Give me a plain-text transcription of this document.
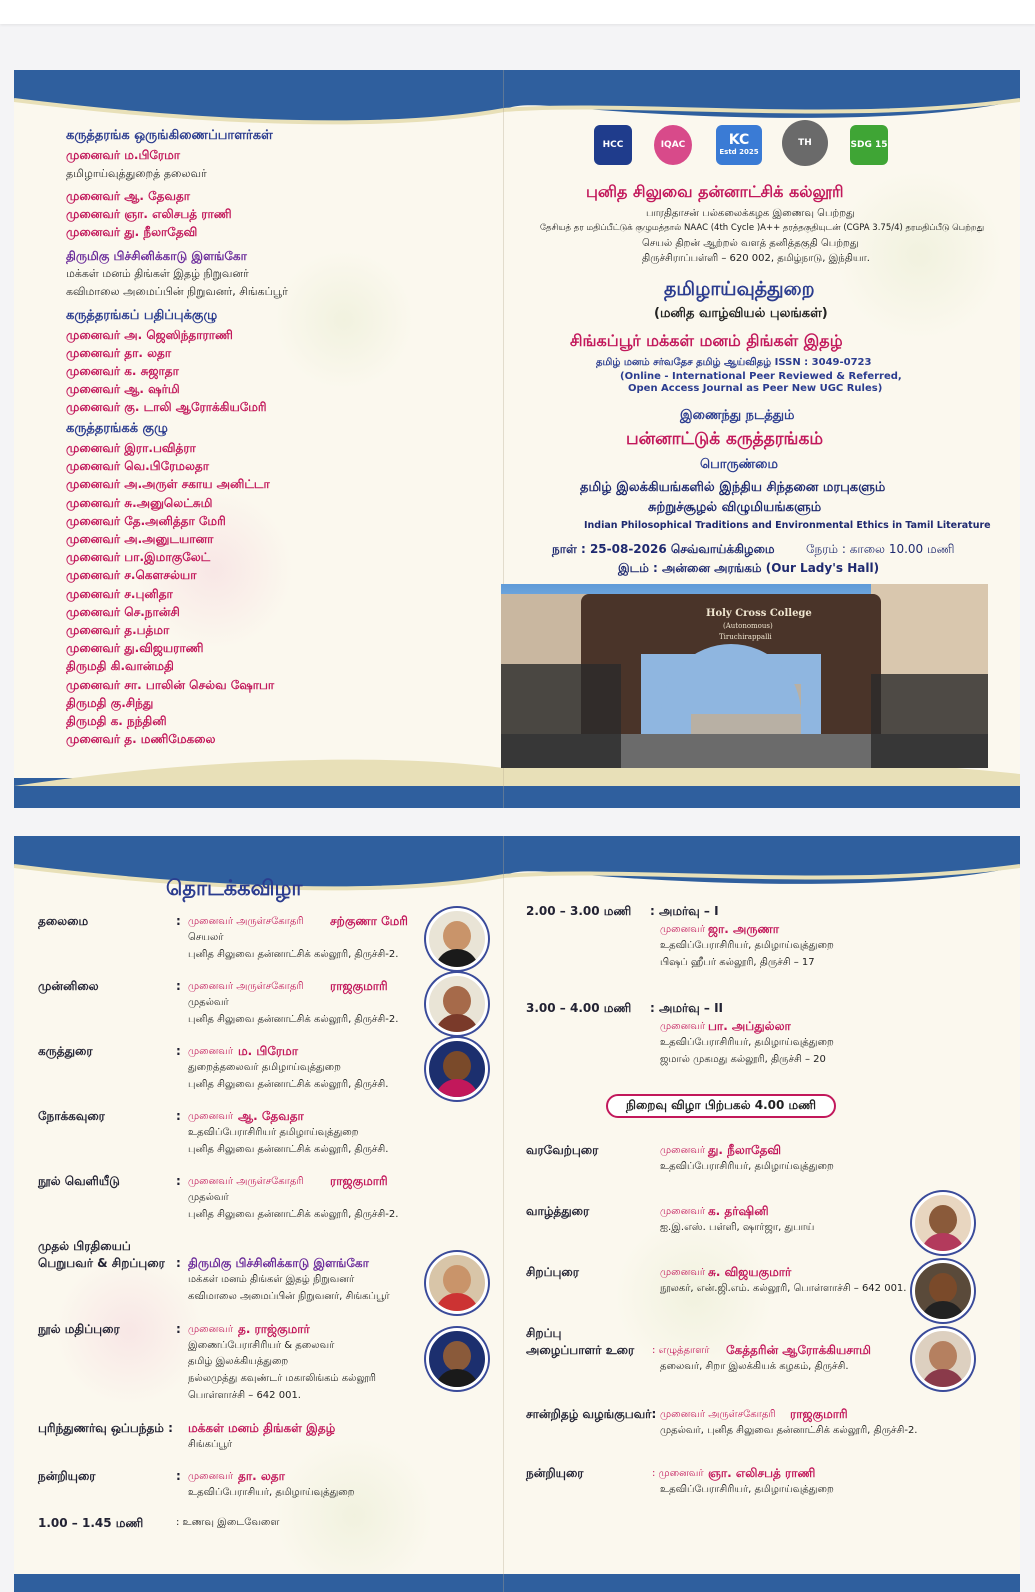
கருத்தரங்க ஒருங்கிணைப்பாளர்கள்
முனைவர் ம.பிரேமா
தமிழாய்வுத்துறைத் தலைவர்
முனைவர் ஆ. தேவதா
முனைவர் ஞா. எலிசபத் ராணி
முனைவர் து. நீலாதேவி
திருமிகு பிச்சினிக்காடு இளங்கோ
மக்கள் மனம் திங்கள் இதழ் நிறுவனர்
கவிமாலை அமைப்பின் நிறுவனர், சிங்கப்பூர்
கருத்தரங்கப் பதிப்புக்குழு
முனைவர் அ. ஜெஸிந்தாராணி
முனைவர் தா. லதா
முனைவர் க. சுஜாதா
முனைவர் ஆ. ஷர்மி
முனைவர் கு. டாலி ஆரோக்கியமேரி
கருத்தரங்கக் குழு
முனைவர் இரா.பவித்ரா
முனைவர் வெ.பிரேமலதா
முனைவர் அ.அருள் சகாய அனிட்டா
முனைவர் சு.அனுலெட்சுமி
முனைவர் தே.அனித்தா மேரி
முனைவர் அ.அனுடயானா
முனைவர் பா.இமாகுலேட்
முனைவர் ச.கௌசல்யா
முனைவர் ச.புனிதா
முனைவர் செ.நான்சி
முனைவர் த.பத்மா
முனைவர் து.விஜயராணி
திருமதி கி.வான்மதி
முனைவர் சா. பாலின் செல்வ ஷோபா
திருமதி கு.சிந்து
திருமதி க. நந்தினி
முனைவர் த. மணிமேகலை
HCC	IQAC	KC
Estd 2025
TH	SDG 15
புனித சிலுவை தன்னாட்சிக் கல்லூரி
பாரதிதாசன் பல்கலைக்கழக இணைவு பெற்றது
தேசியத் தர மதிப்பீட்டுக் குழுமத்தால் NAAC (4th Cycle )A++ தரத்தகுதியுடன் (CGPA 3.75/4) தரமதிப்பீடு பெற்றது
செயல் திறன் ஆற்றல் வளத் தனித்தகுதி பெற்றது
திருச்சிராப்பள்ளி – 620 002, தமிழ்நாடு, இந்தியா.
தமிழாய்வுத்துறை
(மனித வாழ்வியல் புலங்கள்)
சிங்கப்பூர் மக்கள் மனம் திங்கள் இதழ்
தமிழ் மனம் சர்வதேச தமிழ் ஆய்விதழ் ISSN : 3049-0723
(Online - International Peer Reviewed & Referred,
Open Access Journal as Peer New UGC Rules)
இணைந்து நடத்தும்
பன்னாட்டுக் கருத்தரங்கம்
பொருண்மை
தமிழ் இலக்கியங்களில் இந்திய சிந்தனை மரபுகளும்
சுற்றுச்சூழல் விழுமியங்களும்
Indian Philosophical Traditions and Environmental Ethics in Tamil Literature
நாள் : 25-08-2026 செவ்வாய்க்கிழமை	நேரம் : காலை 10.00 மணி
இடம் : அன்னை அரங்கம் (Our Lady's Hall)
Holy Cross College
(Autonomous)
Tiruchirappalli
தொடக்கவிழா
தலைமை	: முனைவர் அருள்சகோதரி சற்குணா மேரி
செயலர்
புனித சிலுவை தன்னாட்சிக் கல்லூரி, திருச்சி-2.
முன்னிலை	: முனைவர் அருள்சகோதரி ராஜகுமாரி
முதல்வர்
புனித சிலுவை தன்னாட்சிக் கல்லூரி, திருச்சி-2.
கருத்துரை	: முனைவர் ம. பிரேமா
துறைத்தலைவர் தமிழாய்வுத்துறை
புனித சிலுவை தன்னாட்சிக் கல்லூரி, திருச்சி.
நோக்கவுரை	: முனைவர் ஆ. தேவதா
உதவிப்பேராசிரியர் தமிழாய்வுத்துறை
புனித சிலுவை தன்னாட்சிக் கல்லூரி, திருச்சி.
நூல் வெளியீடு	: முனைவர் அருள்சகோதரி ராஜகுமாரி
முதல்வர்
புனித சிலுவை தன்னாட்சிக் கல்லூரி, திருச்சி-2.
முதல் பிரதியைப்
பெறுபவர் & சிறப்புரை : திருமிகு பிச்சினிக்காடு இளங்கோ
மக்கள் மனம் திங்கள் இதழ் நிறுவனர்
கவிமாலை அமைப்பின் நிறுவனர், சிங்கப்பூர்
நூல் மதிப்புரை	: முனைவர் த. ராஜ்குமார்
இணைப்பேராசிரியர் & தலைவர்
தமிழ் இலக்கியத்துறை
நல்லமுத்து கவுண்டர் மகாலிங்கம் கல்லூரி
பொள்ளாச்சி – 642 001.
புரிந்துணர்வு ஒப்பந்தம் : மக்கள் மனம் திங்கள் இதழ்
சிங்கப்பூர்
நன்றியுரை	: முனைவர் தா. லதா
உதவிப்பேராசியர், தமிழாய்வுத்துறை
1.00 – 1.45 மணி	: உணவு இடைவேளை
2.00 – 3.00 மணி : அமர்வு – I
முனைவர் ஜா. அருணா
உதவிப்பேராசிரியர், தமிழாய்வுத்துறை
பிஷப் ஹீபர் கல்லூரி, திருச்சி – 17
3.00 – 4.00 மணி : அமர்வு – II
முனைவர் பா. அப்துல்லா
உதவிப்பேராசிரியர், தமிழாய்வுத்துறை
ஜமால் முகமது கல்லூரி, திருச்சி – 20
நிறைவு விழா பிற்பகல் 4.00 மணி
வரவேற்புரை	முனைவர் து. நீலாதேவி
உதவிப்பேராசிரியர், தமிழாய்வுத்துறை
வாழ்த்துரை	முனைவர் க. தர்ஷினி
ஐ.இ.எஸ். பள்ளி, ஷார்ஜா, துபாய்
சிறப்புரை	முனைவர் சு. விஜயகுமார்
நூலகர், என்.ஜி.எம். கல்லூரி, பொள்ளாச்சி – 642 001.
சிறப்பு
அழைப்பாளர் உரை : எழுத்தாளர் கேத்தரின் ஆரோக்கியசாமி
தலைவர், சிறா இலக்கியக் கழகம், திருச்சி.
சான்றிதழ் வழங்குபவர்: முனைவர் அருள்சகோதரி ராஜகுமாரி
முதல்வர், புனித சிலுவை தன்னாட்சிக் கல்லூரி, திருச்சி-2.
நன்றியுரை	: முனைவர் ஞா. எலிசபத் ராணி
உதவிப்பேராசிரியர், தமிழாய்வுத்துறை
